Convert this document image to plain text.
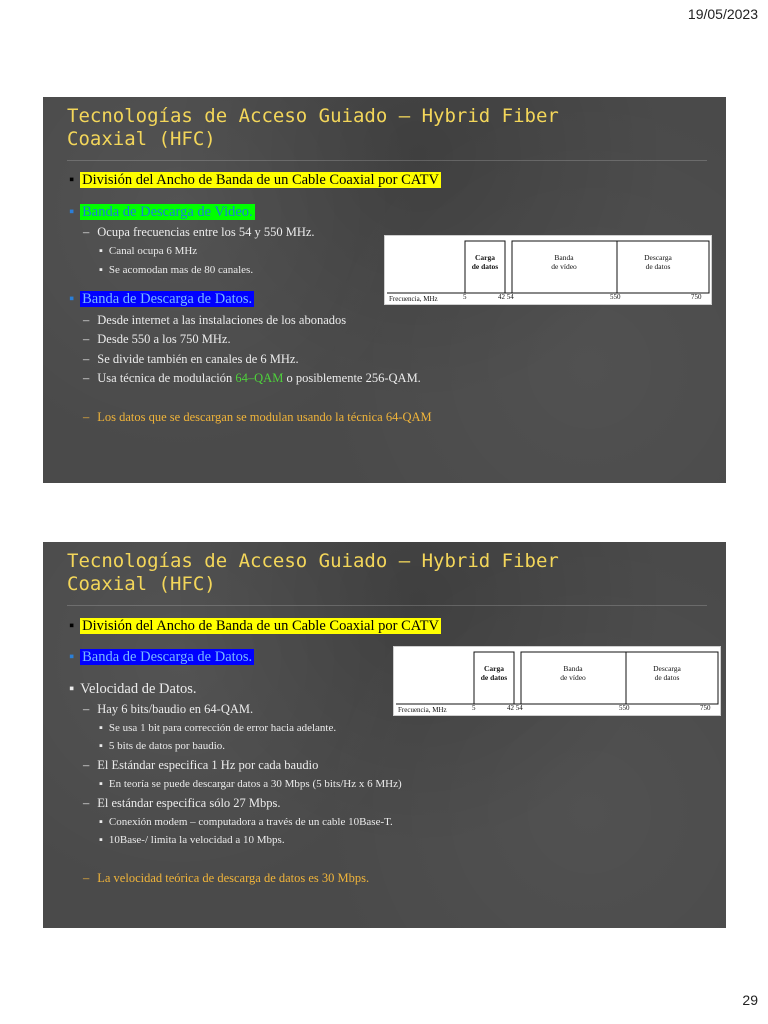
19/05/2023
Tecnologías de Acceso Guiado – Hybrid Fiber
Coaxial (HFC)
▪ División del Ancho de Banda de un Cable Coaxial por CATV
▪ Banda de Descarga de Video.
– Ocupa frecuencias entre los 54 y 550 MHz.
▪ Canal ocupa 6 MHz
▪ Se acomodan mas de 80 canales.
▪ Banda de Descarga de Datos.
– Desde internet a las instalaciones de los abonados
– Desde 550 a los 750 MHz.
– Se divide también en canales de 6 MHz.
– Usa técnica de modulación 64–QAM o posiblemente 256-QAM.
– Los datos que se descargan se modulan usando la técnica 64-QAM
Carga
de datos
Banda
de vídeo
Descarga
de datos
Frecuencia, MHz	5	42 54	550	750
Tecnologías de Acceso Guiado – Hybrid Fiber
Coaxial (HFC)
▪ División del Ancho de Banda de un Cable Coaxial por CATV
▪ Banda de Descarga de Datos.
▪ Velocidad de Datos.
– Hay 6 bits/baudio en 64-QAM.
▪ Se usa 1 bit para corrección de error hacia adelante.
▪ 5 bits de datos por baudio.
– El Estándar especifica 1 Hz por cada baudio
▪ En teoría se puede descargar datos a 30 Mbps (5 bits/Hz x 6 MHz)
– El estándar especifica sólo 27 Mbps.
▪ Conexión modem – computadora a través de un cable 10Base-T.
▪ 10Base-/ limita la velocidad a 10 Mbps.
– La velocidad teórica de descarga de datos es 30 Mbps.
Carga
de datos
Banda
de vídeo
Descarga
de datos
Frecuencia, MHz	5	42 54	550	750
29
